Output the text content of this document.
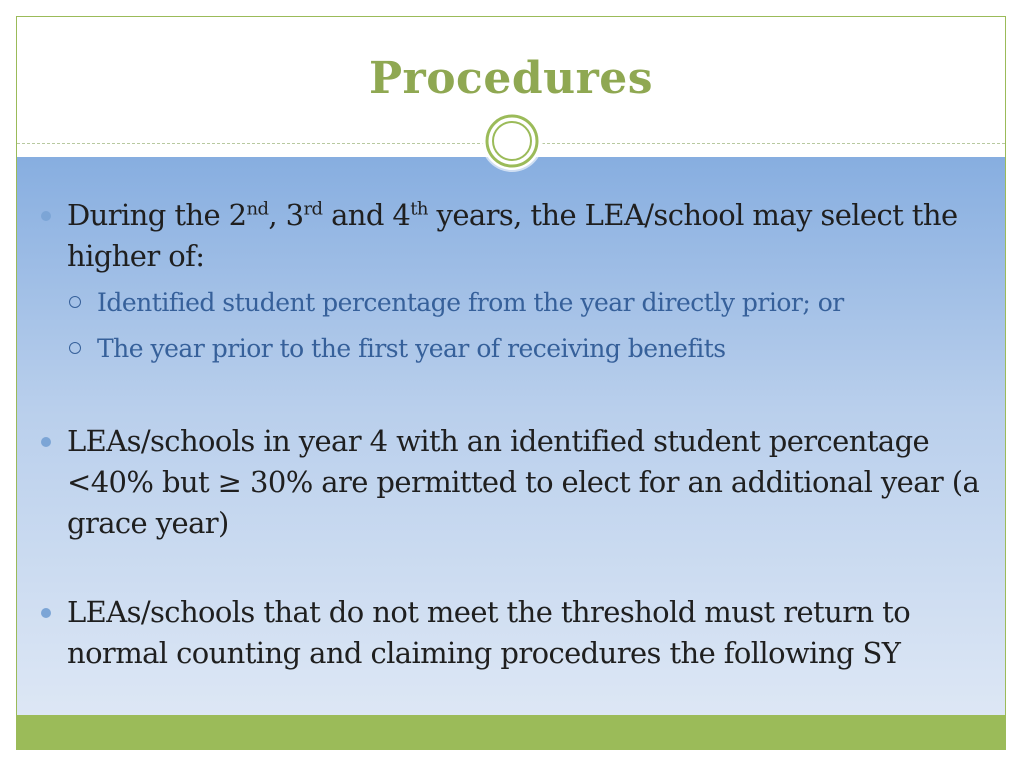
Procedures
During the 2nd, 3rd and 4th years, the LEA/school may select the higher of:
Identified student percentage from the year directly prior; or
The year prior to the first year of receiving benefits
LEAs/schools in year 4 with an identified student percentage <40% but ≥ 30% are permitted to elect for an additional year (a grace year)
LEAs/schools that do not meet the threshold must return to normal counting and claiming procedures the following SY
